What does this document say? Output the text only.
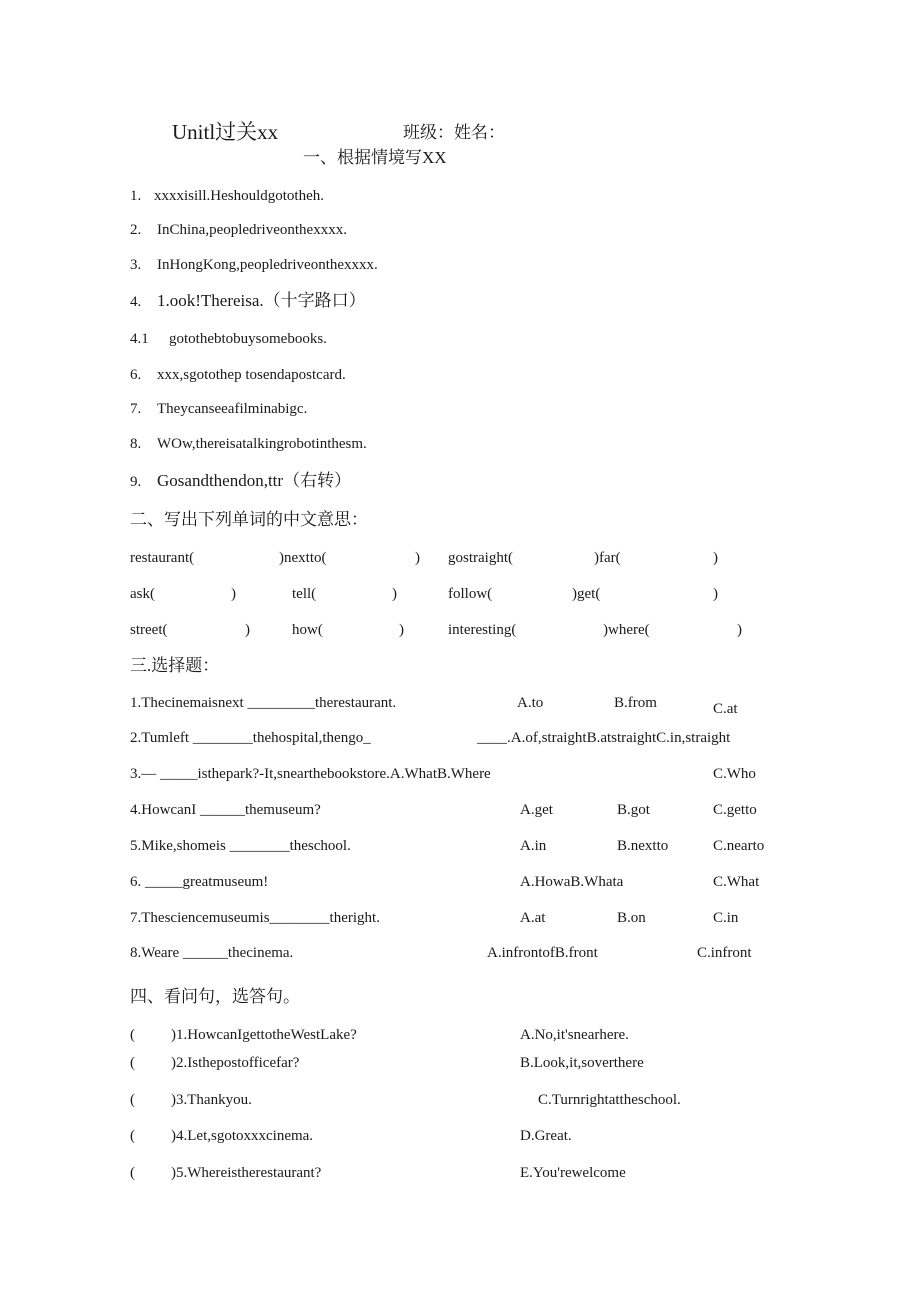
Unitl过关xx	班级：姓名：
一、根据情境写XX
1. xxxxisill.Heshouldgototheh.
2. InChina,peopledriveonthexxxx.
3. InHongKong,peopledriveonthexxxx.
4. 1.ook!Thereisa.（十字路口）
4.1 gotothebtobuysomebooks.
6. xxx,sgotothep tosendapostcard.
7. Theycanseeafilminabigc.
8. WOw,thereisatalkingrobotinthesm.
9. Gosandthendon,ttr（右转）
二、写出下列单词的中文意思：
restaurant(	)nextto(	) gostraight(	)far(	)
ask(	)	tell(	)	follow(	)get(	)
street(	)	how(	)	interesting(	)where(	)
三.选择题：
1.Thecinemaisnext _________therestaurant.	A.to	B.from	C.at
2.Tumleft ________thehospital,thengo_	____.A.of,straightB.atstraightC.in,straight
3.— _____isthepark?-It,snearthebookstore.A.WhatB.Where	C.Who
4.HowcanI ______themuseum?	A.get	B.got	C.getto
5.Mike,shomeis ________theschool.	A.in	B.nextto	C.nearto
6. _____greatmuseum!	A.HowaB.Whata	C.What
7.Thesciencemuseumis________theright.	A.at	B.on	C.in
8.Weare ______thecinema.	A.infrontofB.front	C.infront
四、看问句，选答句。
( )1.HowcanIgettotheWestLake?	A.No,it'snearhere.
( )2.Isthepostofficefar?	B.Look,it,soverthere
( )3.Thankyou.	C.Turnrightattheschool.
( )4.Let,sgotoxxxcinema.	D.Great.
( )5.Whereistherestaurant?	E.You'rewelcome
